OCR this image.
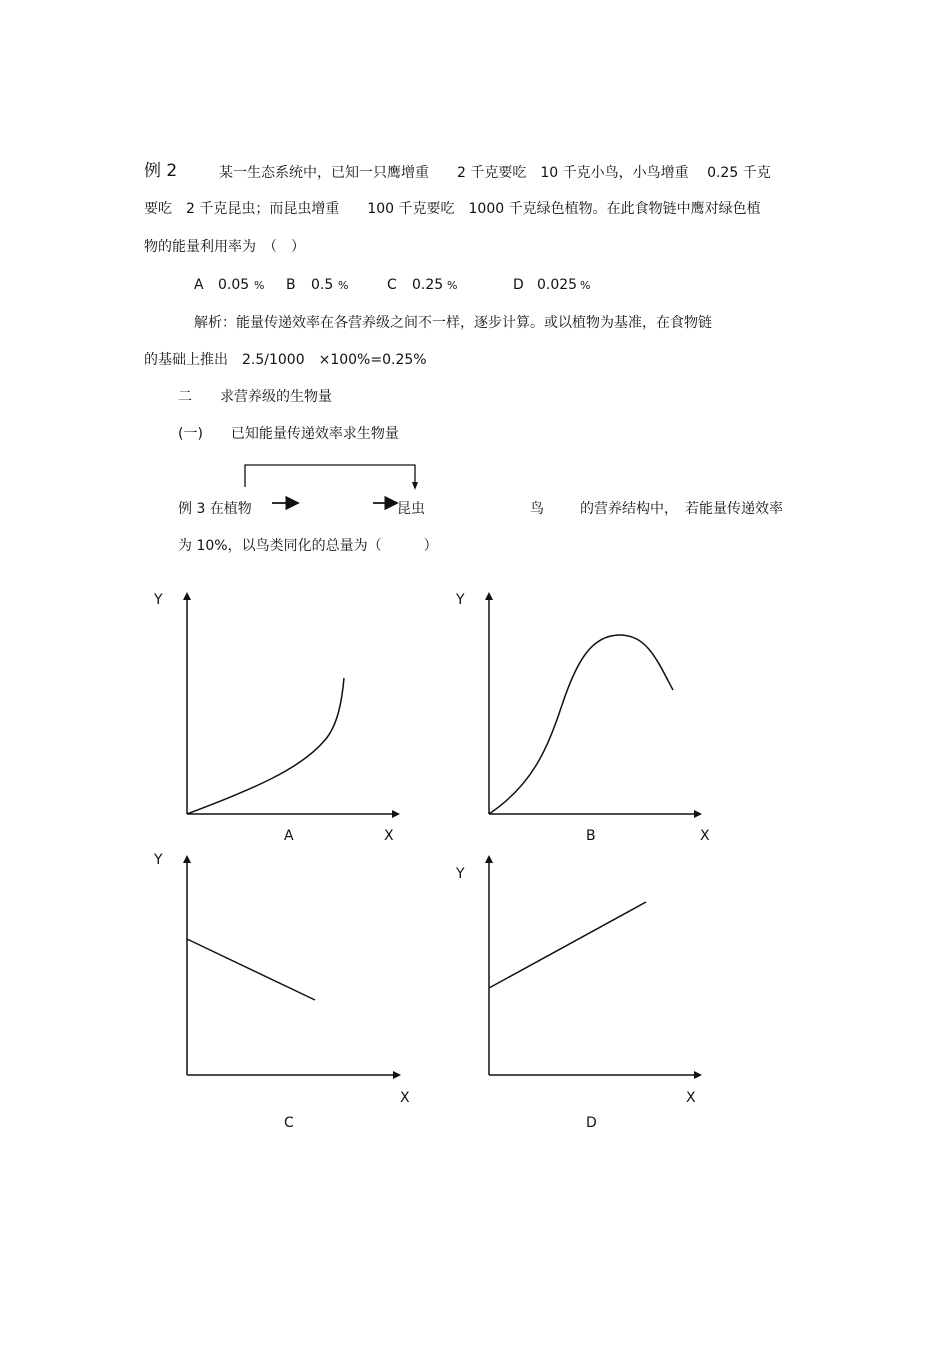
例 2	某一生态系统中，已知一只鹰增重　　2 千克要吃　10 千克小鸟，小鸟增重　 0.25 千克
要吃　2 千克昆虫；而昆虫增重　　100 千克要吃　1000 千克绿色植物。在此食物链中鹰对绿色植
物的能量利用率为　（　）
A 0.05 % B 0.5 %	C 0.25 %	D 0.025 %
解析：能量传递效率在各营养级之间不一样，逐步计算。或以植物为基准，在食物链
的基础上推出　2.5/1000　×100%=0.25%
二　　求营养级的生物量
(一)　　已知能量传递效率求生物量
例 3 在植物	昆虫	鸟	的营养结构中，　若能量传递效率
为 10%，以鸟类同化的总量为（　　　）
Y
X
A
Y
X
B
Y
X
C
Y
X
D
